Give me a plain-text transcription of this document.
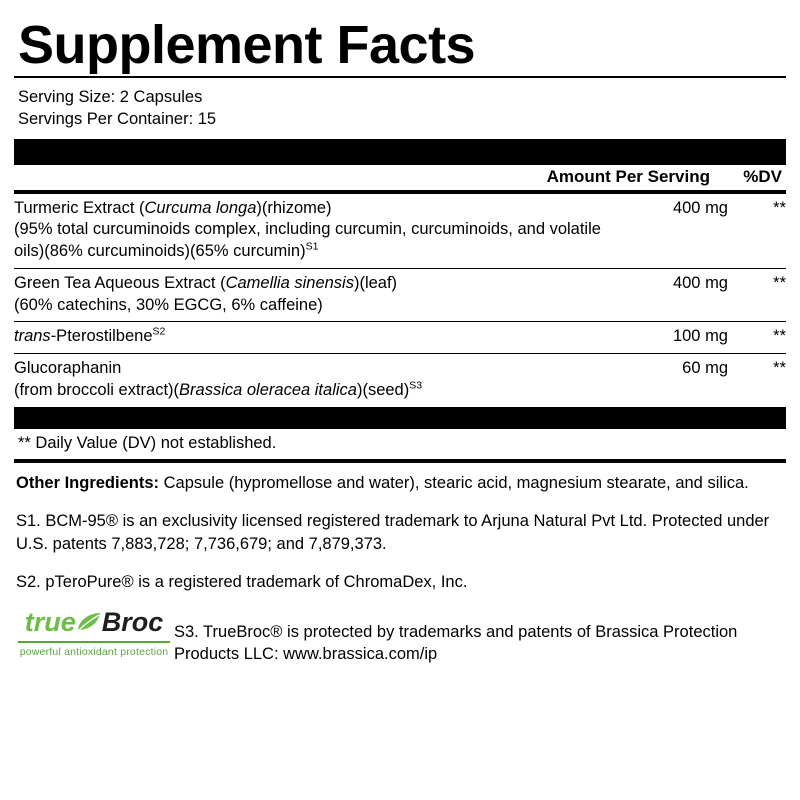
Supplement Facts
Serving Size: 2 Capsules
Servings Per Container: 15
Amount Per Serving	%DV
Turmeric Extract (Curcuma longa)(rhizome)
(95% total curcuminoids complex, including curcumin, curcuminoids, and volatile oils)(86% curcuminoids)(65% curcumin)$^{S1}$	400 mg	**
Green Tea Aqueous Extract (Camellia sinensis)(leaf)
(60% catechins, 30% EGCG, 6% caffeine)	400 mg	**
trans-Pterostilbene$^{S2}$	100 mg	**
Glucoraphanin
(from broccoli extract)(Brassica oleracea italica)(seed)$^{S3}$	60 mg	**
** Daily Value (DV) not established.
Other Ingredients: Capsule (hypromellose and water), stearic acid, magnesium stearate, and silica.
S1. BCM-95® is an exclusivity licensed registered trademark to Arjuna Natural Pvt Ltd. Protected under U.S. patents 7,883,728; 7,736,679; and 7,879,373.
S2. pTeroPure® is a registered trademark of ChromaDex, Inc.
true Broc
powerful antioxidant protection
S3. TrueBroc® is protected by trademarks and patents of Brassica Protection Products LLC: www.brassica.com/ip
